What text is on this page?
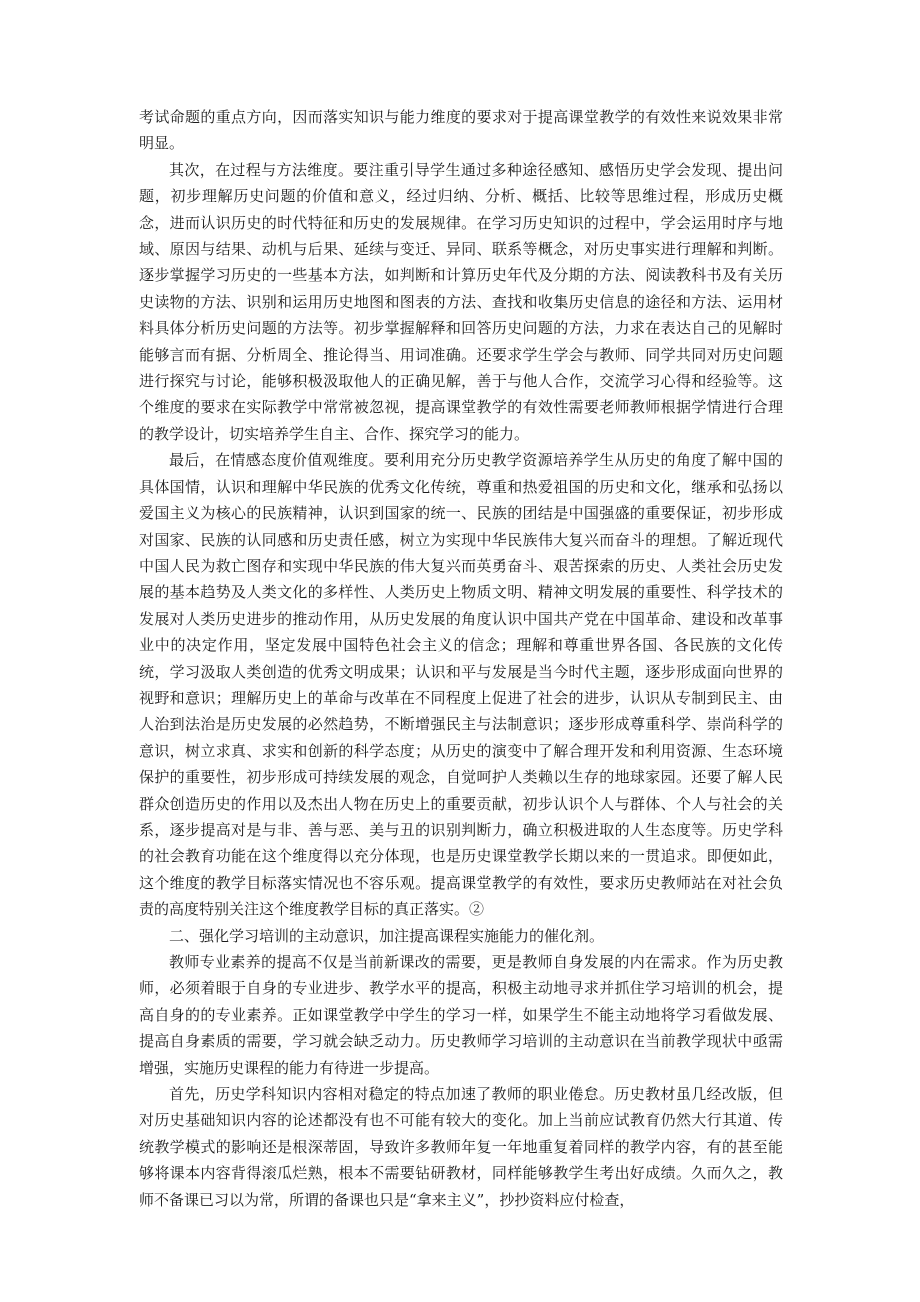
考试命题的重点方向，因而落实知识与能力维度的要求对于提高课堂教学的有效性来说效果非常明显。

其次，在过程与方法维度。要注重引导学生通过多种途径感知、感悟历史学会发现、提出问题，初步理解历史问题的价值和意义，经过归纳、分析、概括、比较等思维过程，形成历史概念，进而认识历史的时代特征和历史的发展规律。在学习历史知识的过程中，学会运用时序与地域、原因与结果、动机与后果、延续与变迁、异同、联系等概念，对历史事实进行理解和判断。逐步掌握学习历史的一些基本方法，如判断和计算历史年代及分期的方法、阅读教科书及有关历史读物的方法、识别和运用历史地图和图表的方法、查找和收集历史信息的途径和方法、运用材料具体分析历史问题的方法等。初步掌握解释和回答历史问题的方法，力求在表达自己的见解时能够言而有据、分析周全、推论得当、用词准确。还要求学生学会与教师、同学共同对历史问题进行探究与讨论，能够积极汲取他人的正确见解，善于与他人合作，交流学习心得和经验等。这个维度的要求在实际教学中常常被忽视，提高课堂教学的有效性需要老师教师根据学情进行合理的教学设计，切实培养学生自主、合作、探究学习的能力。

最后，在情感态度价值观维度。要利用充分历史教学资源培养学生从历史的角度了解中国的具体国情，认识和理解中华民族的优秀文化传统，尊重和热爱祖国的历史和文化，继承和弘扬以爱国主义为核心的民族精神，认识到国家的统一、民族的团结是中国强盛的重要保证，初步形成对国家、民族的认同感和历史责任感，树立为实现中华民族伟大复兴而奋斗的理想。了解近现代中国人民为救亡图存和实现中华民族的伟大复兴而英勇奋斗、艰苦探索的历史、人类社会历史发展的基本趋势及人类文化的多样性、人类历史上物质文明、精神文明发展的重要性、科学技术的发展对人类历史进步的推动作用，从历史发展的角度认识中国共产党在中国革命、建设和改革事业中的决定作用，坚定发展中国特色社会主义的信念；理解和尊重世界各国、各民族的文化传统，学习汲取人类创造的优秀文明成果；认识和平与发展是当今时代主题，逐步形成面向世界的视野和意识；理解历史上的革命与改革在不同程度上促进了社会的进步，认识从专制到民主、由人治到法治是历史发展的必然趋势，不断增强民主与法制意识；逐步形成尊重科学、崇尚科学的意识，树立求真、求实和创新的科学态度；从历史的演变中了解合理开发和利用资源、生态环境保护的重要性，初步形成可持续发展的观念，自觉呵护人类赖以生存的地球家园。还要了解人民群众创造历史的作用以及杰出人物在历史上的重要贡献，初步认识个人与群体、个人与社会的关系，逐步提高对是与非、善与恶、美与丑的识别判断力，确立积极进取的人生态度等。历史学科的社会教育功能在这个维度得以充分体现，也是历史课堂教学长期以来的一贯追求。即便如此，这个维度的教学目标落实情况也不容乐观。提高课堂教学的有效性，要求历史教师站在对社会负责的高度特别关注这个维度教学目标的真正落实。②

二、强化学习培训的主动意识，加注提高课程实施能力的催化剂。

教师专业素养的提高不仅是当前新课改的需要，更是教师自身发展的内在需求。作为历史教师，必须着眼于自身的专业进步、教学水平的提高，积极主动地寻求并抓住学习培训的机会，提高自身的的专业素养。正如课堂教学中学生的学习一样，如果学生不能主动地将学习看做发展、提高自身素质的需要，学习就会缺乏动力。历史教师学习培训的主动意识在当前教学现状中亟需增强，实施历史课程的能力有待进一步提高。

首先，历史学科知识内容相对稳定的特点加速了教师的职业倦怠。历史教材虽几经改版，但对历史基础知识内容的论述都没有也不可能有较大的变化。加上当前应试教育仍然大行其道、传统教学模式的影响还是根深蒂固，导致许多教师年复一年地重复着同样的教学内容，有的甚至能够将课本内容背得滚瓜烂熟，根本不需要钻研教材，同样能够教学生考出好成绩。久而久之，教师不备课已习以为常，所谓的备课也只是“拿来主义”，抄抄资料应付检查，
